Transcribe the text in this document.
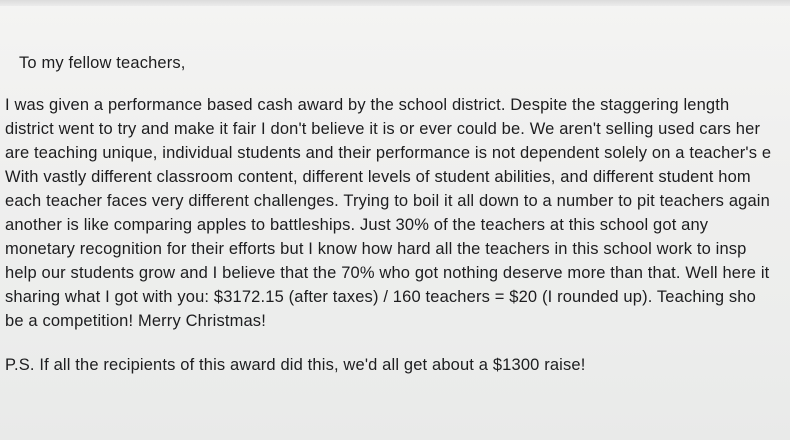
To my fellow teachers,
I was given a performance based cash award by the school district. Despite the staggering length
district went to try and make it fair I don't believe it is or ever could be. We aren't selling used cars her
are teaching unique, individual students and their performance is not dependent solely on a teacher's e
With vastly different classroom content, different levels of student abilities, and different student hom
each teacher faces very different challenges. Trying to boil it all down to a number to pit teachers again
another is like comparing apples to battleships. Just 30% of the teachers at this school got any
monetary recognition for their efforts but I know how hard all the teachers in this school work to insp
help our students grow and I believe that the 70% who got nothing deserve more than that. Well here it
sharing what I got with you: $3172.15 (after taxes) / 160 teachers = $20 (I rounded up). Teaching sho
be a competition! Merry Christmas!
P.S. If all the recipients of this award did this, we'd all get about a $1300 raise!
